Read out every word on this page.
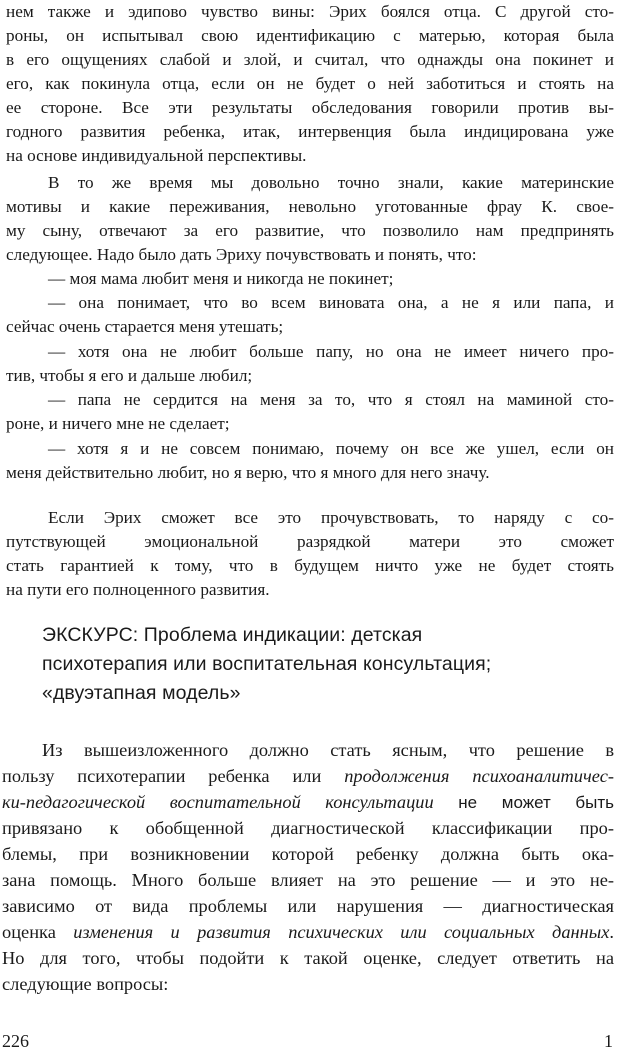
нем также и эдипово чувство вины: Эрих боялся отца. С другой сто-
роны, он испытывал свою идентификацию с матерью, которая была
в его ощущениях слабой и злой, и считал, что однажды она покинет и
его, как покинула отца, если он не будет о ней заботиться и стоять на
ее стороне. Все эти результаты обследования говорили против вы-
годного развития ребенка, итак, интервенция была индицирована уже
на основе индивидуальной перспективы.
В то же время мы довольно точно знали, какие материнские
мотивы и какие переживания, невольно уготованные фрау К. свое-
му сыну, отвечают за его развитие, что позволило нам предпринять
следующее. Надо было дать Эриху почувствовать и понять, что:
— моя мама любит меня и никогда не покинет;
— она понимает, что во всем виновата она, а не я или папа, и
сейчас очень старается меня утешать;
— хотя она не любит больше папу, но она не имеет ничего про-
тив, чтобы я его и дальше любил;
— папа не сердится на меня за то, что я стоял на маминой сто-
роне, и ничего мне не сделает;
— хотя я и не совсем понимаю, почему он все же ушел, если он
меня действительно любит, но я верю, что я много для него значу.
Если Эрих сможет все это прочувствовать, то наряду с со-
путствующей эмоциональной разрядкой матери это сможет
стать гарантией к тому, что в будущем ничто уже не будет стоять
на пути его полноценного развития.
ЭКСКУРС: Проблема индикации: детская
психотерапия или воспитательная консультация;
«двуэтапная модель»
Из вышеизложенного должно стать ясным, что решение в
пользу психотерапии ребенка или продолжения психоаналитичес-
ки-педагогической воспитательной консультации не может быть
привязано к обобщенной диагностической классификации про-
блемы, при возникновении которой ребенку должна быть ока-
зана помощь. Много больше влияет на это решение — и это не-
зависимо от вида проблемы или нарушения — диагностическая
оценка изменения и развития психических или социальных данных.
Но для того, чтобы подойти к такой оценке, следует ответить на
следующие вопросы:
226	1
